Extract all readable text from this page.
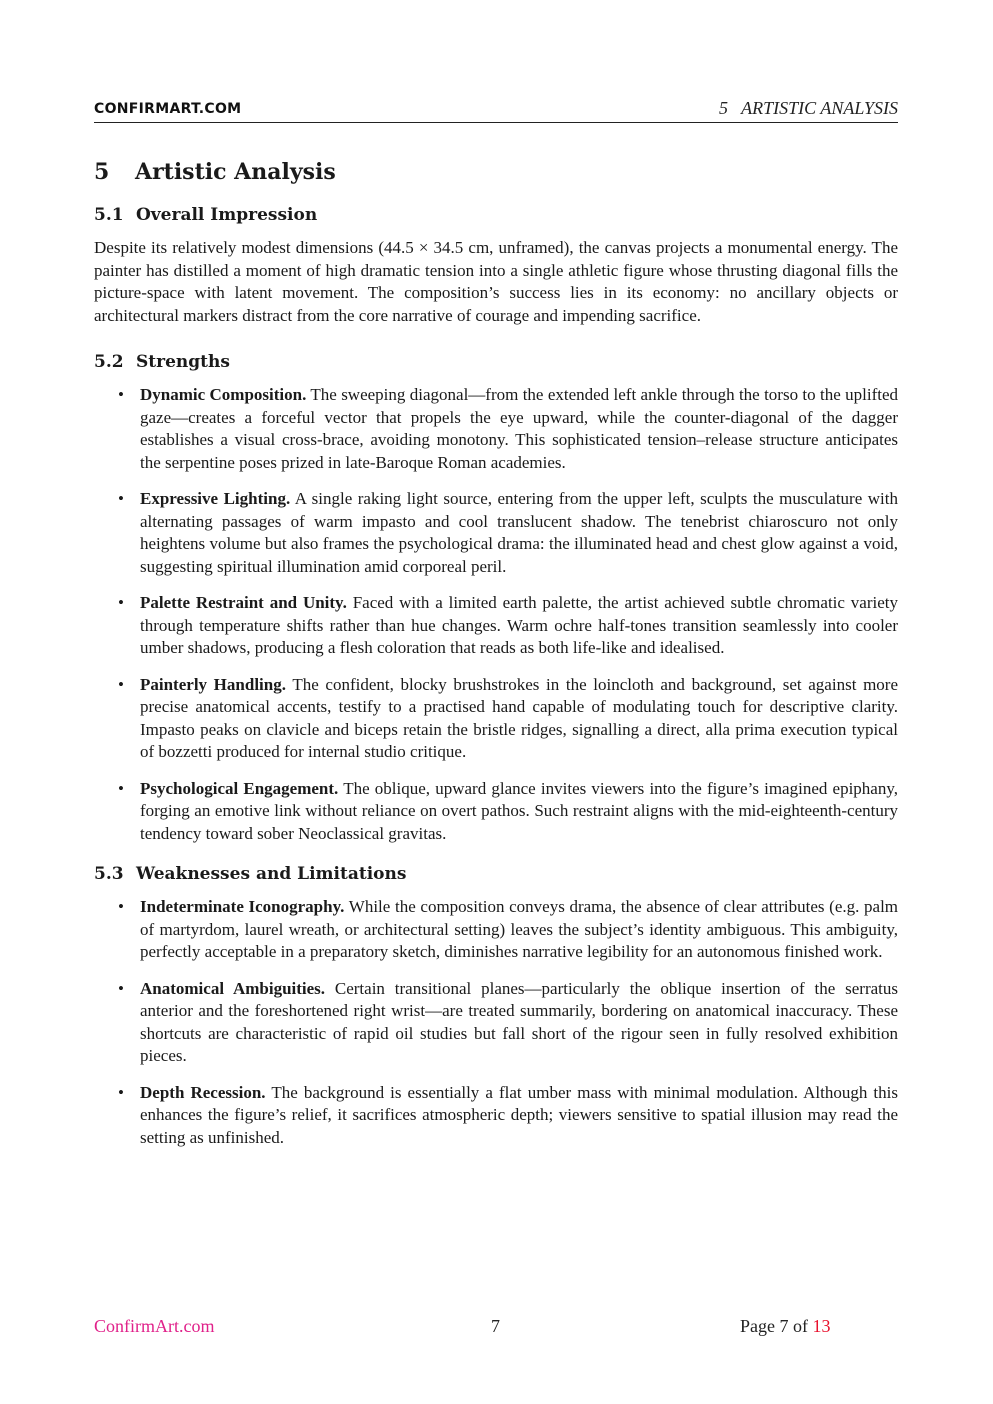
CONFIRMART.COM	5   ARTISTIC ANALYSIS
5 Artistic Analysis
5.1 Overall Impression

Despite its relatively modest dimensions (44.5 × 34.5 cm, unframed), the canvas projects a monumental energy. The painter has distilled a moment of high dramatic tension into a single athletic figure whose thrusting diagonal fills the picture-space with latent movement. The composition’s success lies in its economy: no ancillary objects or architectural markers distract from the core narrative of courage and impending sacrifice.

5.2 Strengths
• Dynamic Composition. The sweeping diagonal—from the extended left ankle through the torso to the uplifted gaze—creates a forceful vector that propels the eye upward, while the counter-diagonal of the dagger establishes a visual cross-brace, avoiding monotony. This sophisticated tension–release structure anticipates the serpentine poses prized in late-Baroque Roman academies.
• Expressive Lighting. A single raking light source, entering from the upper left, sculpts the musculature with alternating passages of warm impasto and cool translucent shadow. The tenebrist chiaroscuro not only heightens volume but also frames the psychological drama: the illuminated head and chest glow against a void, suggesting spiritual illumination amid corporeal peril.
• Palette Restraint and Unity. Faced with a limited earth palette, the artist achieved subtle chromatic variety through temperature shifts rather than hue changes. Warm ochre half-tones transition seamlessly into cooler umber shadows, producing a flesh coloration that reads as both life-like and idealised.
• Painterly Handling. The confident, blocky brushstrokes in the loincloth and background, set against more precise anatomical accents, testify to a practised hand capable of modulating touch for descriptive clarity. Impasto peaks on clavicle and biceps retain the bristle ridges, signalling a direct, alla prima execution typical of bozzetti produced for internal studio critique.
• Psychological Engagement. The oblique, upward glance invites viewers into the figure’s imagined epiphany, forging an emotive link without reliance on overt pathos. Such restraint aligns with the mid-eighteenth-century tendency toward sober Neoclassical gravitas.
5.3 Weaknesses and Limitations
• Indeterminate Iconography. While the composition conveys drama, the absence of clear attributes (e.g. palm of martyrdom, laurel wreath, or architectural setting) leaves the subject’s identity ambiguous. This ambiguity, perfectly acceptable in a preparatory sketch, diminishes narrative legibility for an autonomous finished work.
• Anatomical Ambiguities. Certain transitional planes—particularly the oblique insertion of the serratus anterior and the foreshortened right wrist—are treated summarily, bordering on anatomical inaccuracy. These shortcuts are characteristic of rapid oil studies but fall short of the rigour seen in fully resolved exhibition pieces.
• Depth Recession. The background is essentially a flat umber mass with minimal modulation. Although this enhances the figure’s relief, it sacrifices atmospheric depth; viewers sensitive to spatial illusion may read the setting as unfinished.
ConfirmArt.com	7	Page 7 of 13
